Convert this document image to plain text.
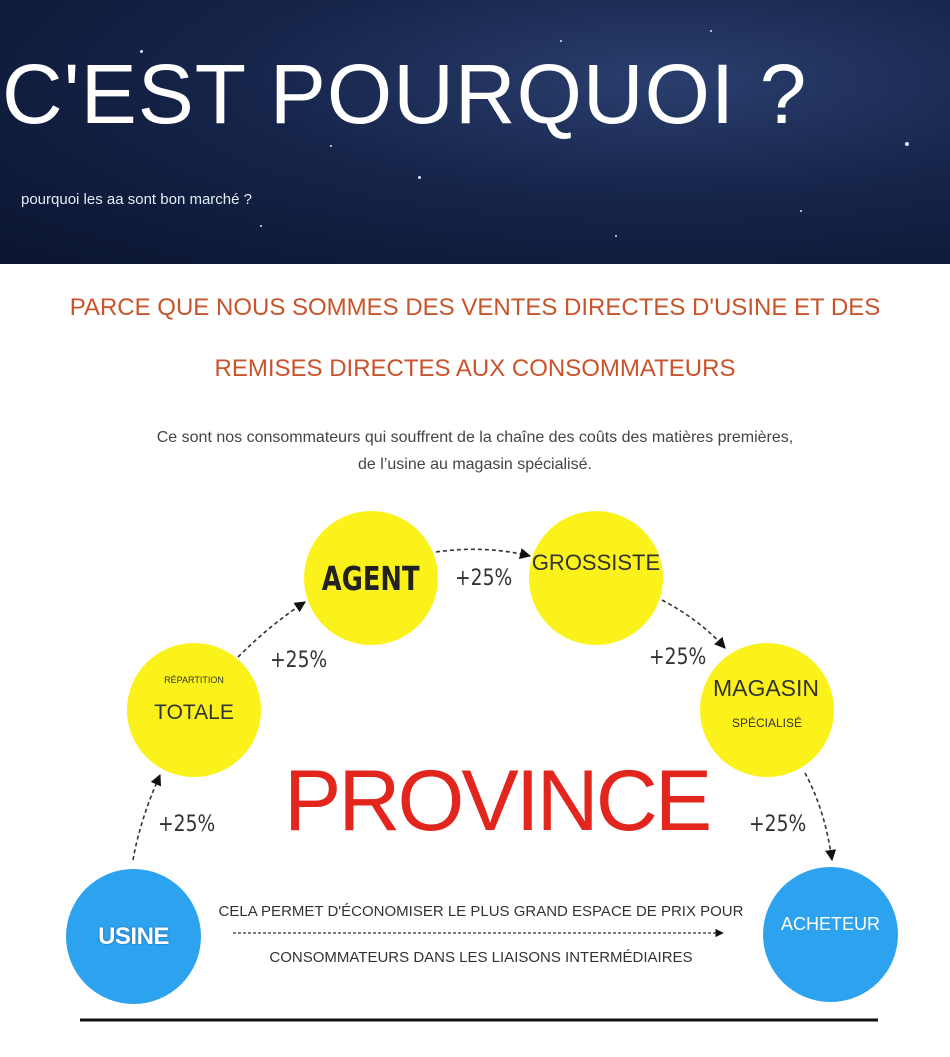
C'EST POURQUOI ?
pourquoi les aa sont bon marché ?
PARCE QUE NOUS SOMMES DES VENTES DIRECTES D'USINE ET DES
REMISES DIRECTES AUX CONSOMMATEURS
Ce sont nos consommateurs qui souffrent de la chaîne des coûts des matières premières,
de l’usine au magasin spécialisé.
AGENT	GROSSISTE
RÉPARTITION
TOTALE
MAGASIN
SPÉCIALISÉ
USINE	ACHETEUR
+25%
+25%	+25%
+25%	+25%
PROVINCE
CELA PERMET D'ÉCONOMISER LE PLUS GRAND ESPACE DE PRIX POUR
CONSOMMATEURS DANS LES LIAISONS INTERMÉDIAIRES
